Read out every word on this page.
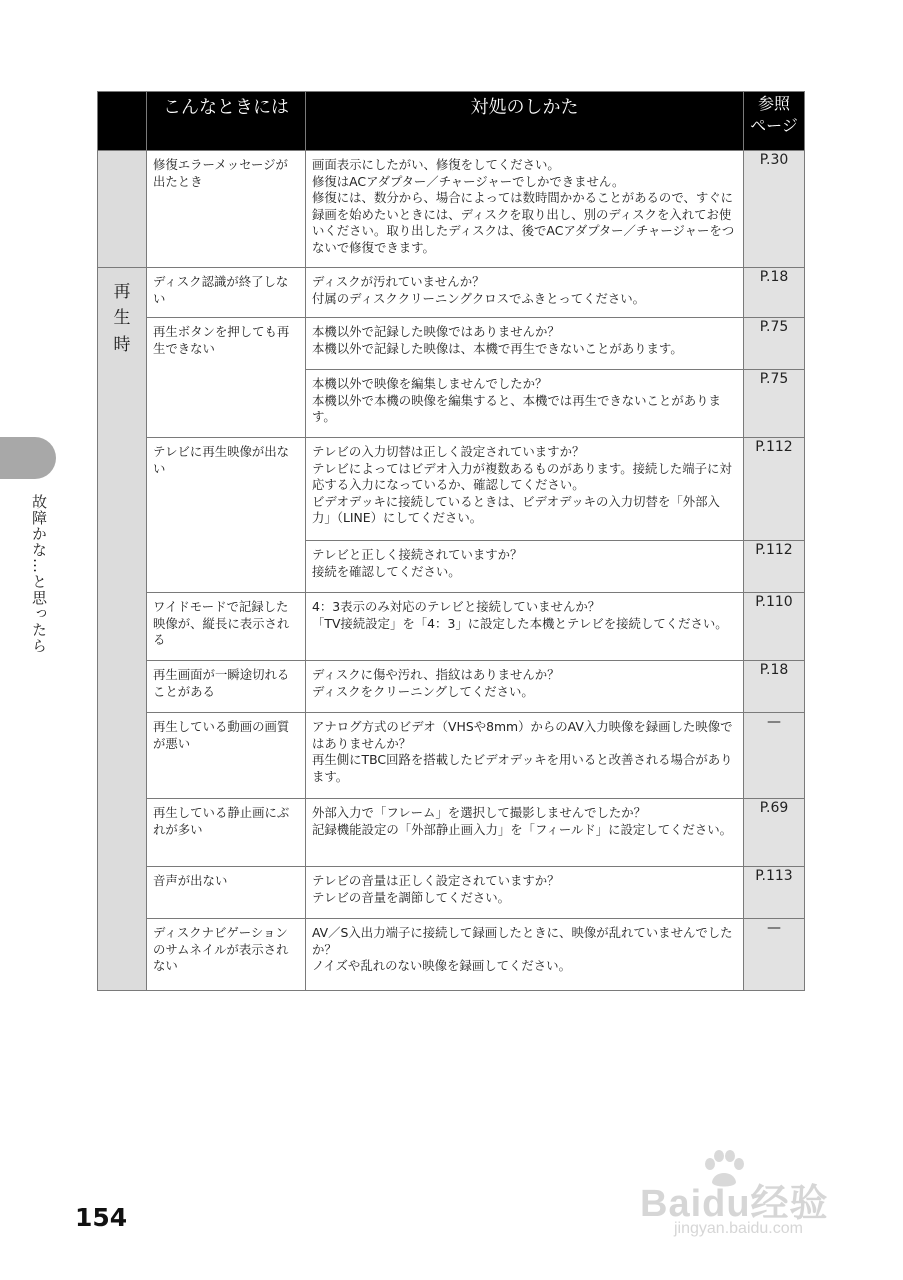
故障かな…と思ったら
	こんなときには	対処のしかた	参照
ページ
	修復エラーメッセージが出たとき	画面表示にしたがい、修復をしてください。
修復はACアダプター／チャージャーでしかできません。
修復には、数分から、場合によっては数時間かかることがあるので、すぐに録画を始めたいときには、ディスクを取り出し、別のディスクを入れてお使いください。取り出したディスクは、後でACアダプター／チャージャーをつないで修復できます。	P.30
再生時	ディスク認識が終了しない	ディスクが汚れていませんか？
付属のディスククリーニングクロスでふきとってください。	P.18
	再生ボタンを押しても再生できない	本機以外で記録した映像ではありませんか？
本機以外で記録した映像は、本機で再生できないことがあります。	P.75

		本機以外で映像を編集しませんでしたか？
本機以外で本機の映像を編集すると、本機では再生できないことがあります。	P.75
	テレビに再生映像が出ない	テレビの入力切替は正しく設定されていますか？
テレビによってはビデオ入力が複数あるものがあります。接続した端子に対応する入力になっているか、確認してください。
ビデオデッキに接続しているときは、ビデオデッキの入力切替を「外部入力」（LINE）にしてください。	P.112

		テレビと正しく接続されていますか？
接続を確認してください。	P.112
	ワイドモードで記録した映像が、縦長に表示される	4：3表示のみ対応のテレビと接続していませんか？
「TV接続設定」を「4：3」に設定した本機とテレビを接続してください。	P.110
	再生画面が一瞬途切れることがある	ディスクに傷や汚れ、指紋はありませんか？
ディスクをクリーニングしてください。	P.18
	再生している動画の画質が悪い	アナログ方式のビデオ（VHSや8mm）からのAV入力映像を録画した映像ではありませんか？
再生側にTBC回路を搭載したビデオデッキを用いると改善される場合があります。	—
	再生している静止画にぶれが多い	外部入力で「フレーム」を選択して撮影しませんでしたか？
記録機能設定の「外部静止画入力」を「フィールド」に設定してください。	P.69
	音声が出ない	テレビの音量は正しく設定されていますか？
テレビの音量を調節してください。	P.113
	ディスクナビゲーションのサムネイルが表示されない	AV／S入出力端子に接続して録画したときに、映像が乱れていませんでしたか？
ノイズや乱れのない映像を録画してください。	—
154	Baidu经验
jingyan.baidu.com
